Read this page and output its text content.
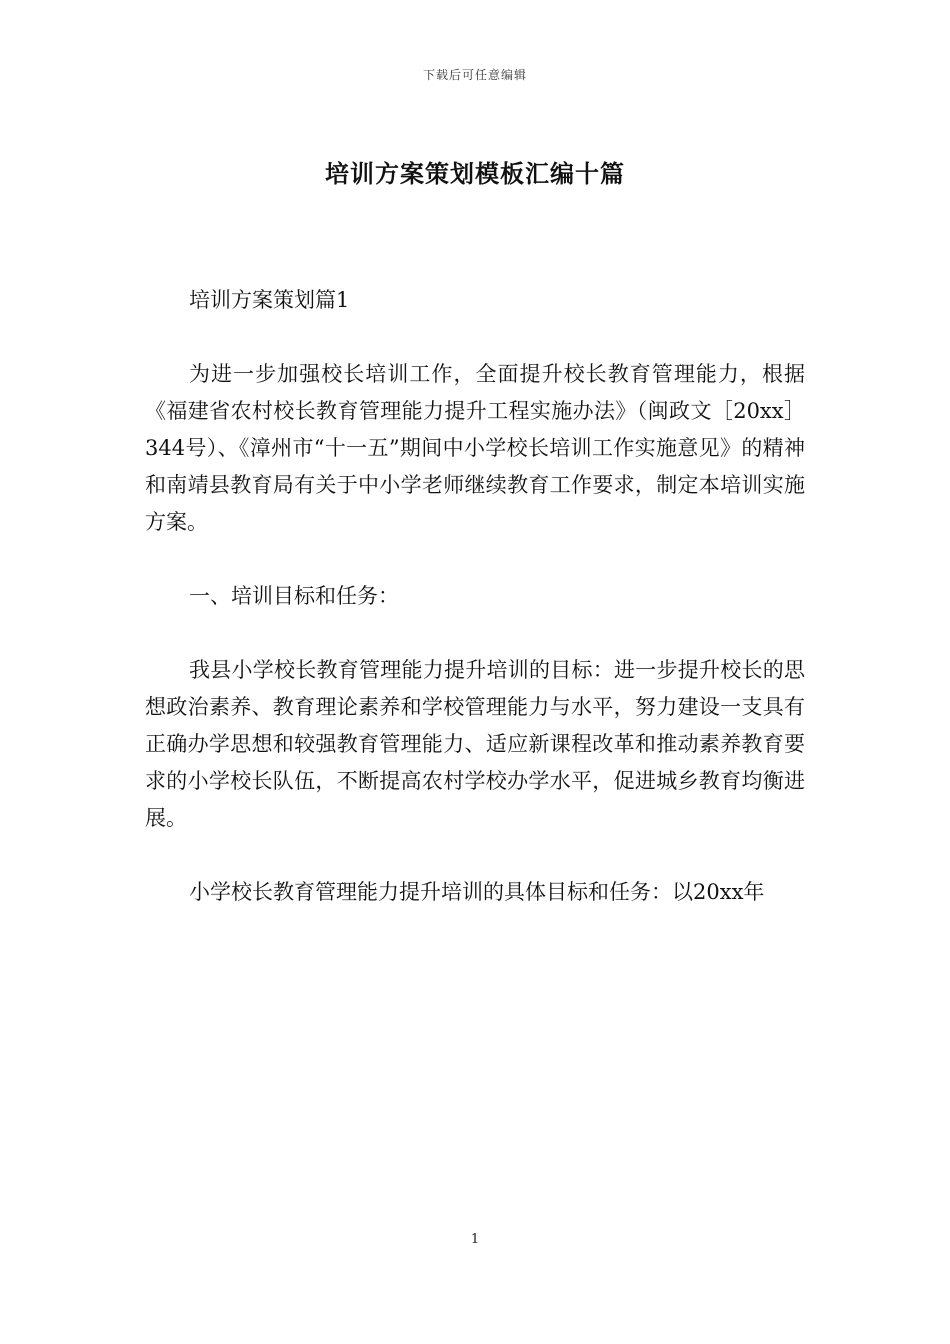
下载后可任意编辑
培训方案策划模板汇编十篇

培训方案策划篇1

为进一步加强校长培训工作，全面提升校长教育管理能力，根据《福建省农村校长教育管理能力提升工程实施办法》（闽政文［20xx］344号）、《漳州市“十一五”期间中小学校长培训工作实施意见》的精神和南靖县教育局有关于中小学老师继续教育工作要求，制定本培训实施方案。

一、培训目标和任务：

我县小学校长教育管理能力提升培训的目标：进一步提升校长的思想政治素养、教育理论素养和学校管理能力与水平，努力建设一支具有正确办学思想和较强教育管理能力、适应新课程改革和推动素养教育要求的小学校长队伍，不断提高农村学校办学水平，促进城乡教育均衡进展。

小学校长教育管理能力提升培训的具体目标和任务：以20xx年

1
